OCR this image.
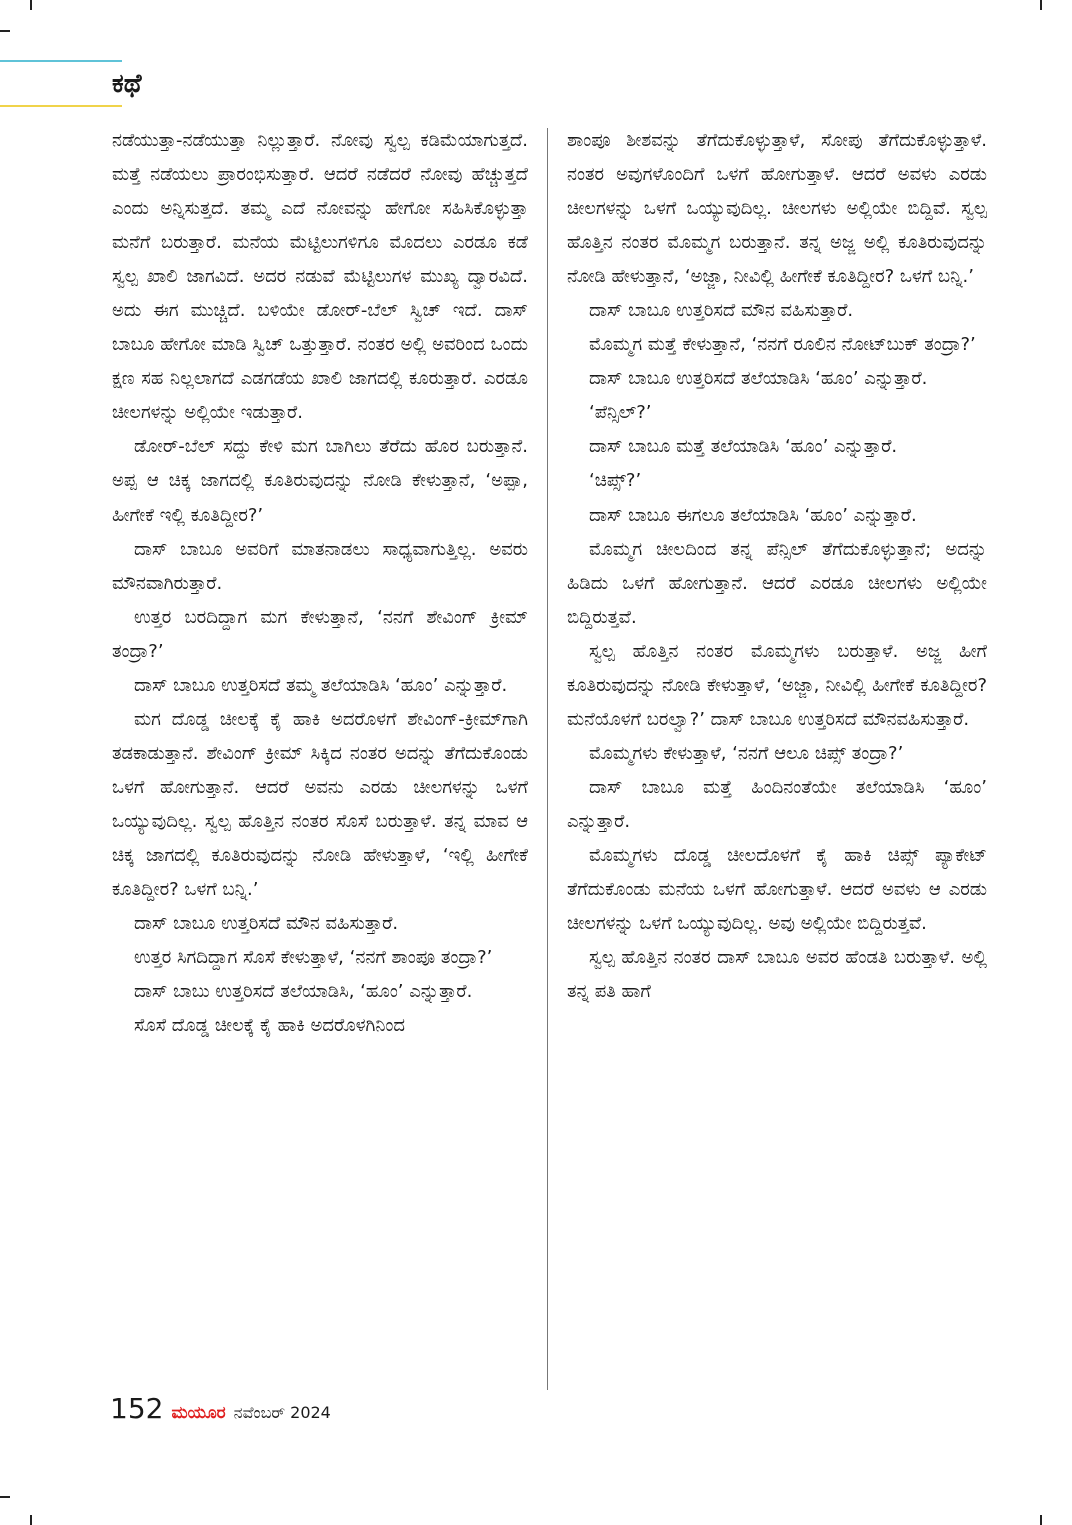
ಕಥೆ

ನಡೆಯುತ್ತಾ-ನಡೆಯುತ್ತಾ ನಿಲ್ಲುತ್ತಾರೆ. ನೋವು ಸ್ವಲ್ಪ ಕಡಿಮೆಯಾಗುತ್ತದೆ. ಮತ್ತೆ ನಡೆಯಲು ಪ್ರಾರಂಭಿಸುತ್ತಾರೆ. ಆದರೆ ನಡೆದರೆ ನೋವು ಹೆಚ್ಚುತ್ತದೆ ಎಂದು ಅನ್ನಿಸುತ್ತದೆ. ತಮ್ಮ ಎದೆ ನೋವನ್ನು ಹೇಗೋ ಸಹಿಸಿಕೊಳ್ಳುತ್ತಾ ಮನೆಗೆ ಬರುತ್ತಾರೆ. ಮನೆಯ ಮೆಟ್ಟಿಲುಗಳಿಗೂ ಮೊದಲು ಎರಡೂ ಕಡೆ ಸ್ವಲ್ಪ ಖಾಲಿ ಜಾಗವಿದೆ. ಅದರ ನಡುವೆ ಮೆಟ್ಟಿಲುಗಳ ಮುಖ್ಯ ದ್ವಾರವಿದೆ. ಅದು ಈಗ ಮುಚ್ಚಿದೆ. ಬಳಿಯೇ ಡೋರ್-ಬೆಲ್ ಸ್ವಿಚ್ ಇದೆ. ದಾಸ್ ಬಾಬೂ ಹೇಗೋ ಮಾಡಿ ಸ್ವಿಚ್ ಒತ್ತುತ್ತಾರೆ. ನಂತರ ಅಲ್ಲಿ ಅವರಿಂದ ಒಂದು ಕ್ಷಣ ಸಹ ನಿಲ್ಲಲಾಗದೆ ಎಡಗಡೆಯ ಖಾಲಿ ಜಾಗದಲ್ಲಿ ಕೂರುತ್ತಾರೆ. ಎರಡೂ ಚೀಲಗಳನ್ನು ಅಲ್ಲಿಯೇ ಇಡುತ್ತಾರೆ.

ಡೋರ್-ಬೆಲ್ ಸದ್ದು ಕೇಳಿ ಮಗ ಬಾಗಿಲು ತೆರೆದು ಹೊರ ಬರುತ್ತಾನೆ. ಅಪ್ಪ ಆ ಚಿಕ್ಕ ಜಾಗದಲ್ಲಿ ಕೂತಿರುವುದನ್ನು ನೋಡಿ ಕೇಳುತ್ತಾನೆ, ‘ಅಪ್ಪಾ, ಹೀಗೇಕೆ ಇಲ್ಲಿ ಕೂತಿದ್ದೀರ?’

ದಾಸ್ ಬಾಬೂ ಅವರಿಗೆ ಮಾತನಾಡಲು ಸಾಧ್ಯವಾಗುತ್ತಿಲ್ಲ. ಅವರು ಮೌನವಾಗಿರುತ್ತಾರೆ.

ಉತ್ತರ ಬರದಿದ್ದಾಗ ಮಗ ಕೇಳುತ್ತಾನೆ, ‘ನನಗೆ ಶೇವಿಂಗ್ ಕ್ರೀಮ್ ತಂದ್ರಾ?’

ದಾಸ್ ಬಾಬೂ ಉತ್ತರಿಸದೆ ತಮ್ಮ ತಲೆಯಾಡಿಸಿ ‘ಹೂಂ’ ಎನ್ನುತ್ತಾರೆ.

ಮಗ ದೊಡ್ಡ ಚೀಲಕ್ಕೆ ಕೈ ಹಾಕಿ ಅದರೊಳಗೆ ಶೇವಿಂಗ್-ಕ್ರೀಮ್‌ಗಾಗಿ ತಡಕಾಡುತ್ತಾನೆ. ಶೇವಿಂಗ್ ಕ್ರೀಮ್ ಸಿಕ್ಕಿದ ನಂತರ ಅದನ್ನು ತೆಗೆದುಕೊಂಡು ಒಳಗೆ ಹೋಗುತ್ತಾನೆ. ಆದರೆ ಅವನು ಎರಡು ಚೀಲಗಳನ್ನು ಒಳಗೆ ಒಯ್ಯುವುದಿಲ್ಲ. ಸ್ವಲ್ಪ ಹೊತ್ತಿನ ನಂತರ ಸೊಸೆ ಬರುತ್ತಾಳೆ. ತನ್ನ ಮಾವ ಆ ಚಿಕ್ಕ ಜಾಗದಲ್ಲಿ ಕೂತಿರುವುದನ್ನು ನೋಡಿ ಹೇಳುತ್ತಾಳೆ, ‘ಇಲ್ಲಿ ಹೀಗೇಕೆ ಕೂತಿದ್ದೀರ? ಒಳಗೆ ಬನ್ನಿ.’

ದಾಸ್ ಬಾಬೂ ಉತ್ತರಿಸದೆ ಮೌನ ವಹಿಸುತ್ತಾರೆ.

ಉತ್ತರ ಸಿಗದಿದ್ದಾಗ ಸೊಸೆ ಕೇಳುತ್ತಾಳೆ, ‘ನನಗೆ ಶಾಂಪೂ ತಂದ್ರಾ?’

ದಾಸ್ ಬಾಬು ಉತ್ತರಿಸದೆ ತಲೆಯಾಡಿಸಿ, ‘ಹೂಂ’ ಎನ್ನುತ್ತಾರೆ.

ಸೊಸೆ ದೊಡ್ಡ ಚೀಲಕ್ಕೆ ಕೈ ಹಾಕಿ ಅದರೊಳಗಿನಿಂದ

ಶಾಂಪೂ ಶೀಶವನ್ನು ತೆಗೆದುಕೊಳ್ಳುತ್ತಾಳೆ, ಸೋಪು ತೆಗೆದುಕೊಳ್ಳುತ್ತಾಳೆ. ನಂತರ ಅವುಗಳೊಂದಿಗೆ ಒಳಗೆ ಹೋಗುತ್ತಾಳೆ. ಆದರೆ ಅವಳು ಎರಡು ಚೀಲಗಳನ್ನು ಒಳಗೆ ಒಯ್ಯುವುದಿಲ್ಲ. ಚೀಲಗಳು ಅಲ್ಲಿಯೇ ಬಿದ್ದಿವೆ. ಸ್ವಲ್ಪ ಹೊತ್ತಿನ ನಂತರ ಮೊಮ್ಮಗ ಬರುತ್ತಾನೆ. ತನ್ನ ಅಜ್ಜ ಅಲ್ಲಿ ಕೂತಿರುವುದನ್ನು ನೋಡಿ ಹೇಳುತ್ತಾನೆ, ‘ಅಜ್ಜಾ, ನೀವಿಲ್ಲಿ ಹೀಗೇಕೆ ಕೂತಿದ್ದೀರ? ಒಳಗೆ ಬನ್ನಿ.’

ದಾಸ್ ಬಾಬೂ ಉತ್ತರಿಸದೆ ಮೌನ ವಹಿಸುತ್ತಾರೆ.

ಮೊಮ್ಮಗ ಮತ್ತೆ ಕೇಳುತ್ತಾನೆ, ‘ನನಗೆ ರೂಲಿನ ನೋಟ್‌ಬುಕ್ ತಂದ್ರಾ?’

ದಾಸ್ ಬಾಬೂ ಉತ್ತರಿಸದೆ ತಲೆಯಾಡಿಸಿ ‘ಹೂಂ’ ಎನ್ನುತ್ತಾರೆ.

‘ಪೆನ್ಸಿಲ್?’

ದಾಸ್ ಬಾಬೂ ಮತ್ತೆ ತಲೆಯಾಡಿಸಿ ‘ಹೂಂ’ ಎನ್ನುತ್ತಾರೆ.

‘ಚಿಪ್ಸ್?’

ದಾಸ್ ಬಾಬೂ ಈಗಲೂ ತಲೆಯಾಡಿಸಿ ‘ಹೂಂ’ ಎನ್ನುತ್ತಾರೆ.

ಮೊಮ್ಮಗ ಚೀಲದಿಂದ ತನ್ನ ಪೆನ್ಸಿಲ್ ತೆಗೆದುಕೊಳ್ಳುತ್ತಾನೆ; ಅದನ್ನು ಹಿಡಿದು ಒಳಗೆ ಹೋಗುತ್ತಾನೆ. ಆದರೆ ಎರಡೂ ಚೀಲಗಳು ಅಲ್ಲಿಯೇ ಬಿದ್ದಿರುತ್ತವೆ.

ಸ್ವಲ್ಪ ಹೊತ್ತಿನ ನಂತರ ಮೊಮ್ಮಗಳು ಬರುತ್ತಾಳೆ. ಅಜ್ಜ ಹೀಗೆ ಕೂತಿರುವುದನ್ನು ನೋಡಿ ಕೇಳುತ್ತಾಳೆ, ‘ಅಜ್ಜಾ, ನೀವಿಲ್ಲಿ ಹೀಗೇಕೆ ಕೂತಿದ್ದೀರ? ಮನೆಯೊಳಗೆ ಬರಲ್ವಾ?’ ದಾಸ್ ಬಾಬೂ ಉತ್ತರಿಸದೆ ಮೌನವಹಿಸುತ್ತಾರೆ.

ಮೊಮ್ಮಗಳು ಕೇಳುತ್ತಾಳೆ, ‘ನನಗೆ ಆಲೂ ಚಿಪ್ಸ್ ತಂದ್ರಾ?’

ದಾಸ್ ಬಾಬೂ ಮತ್ತೆ ಹಿಂದಿನಂತೆಯೇ ತಲೆಯಾಡಿಸಿ ‘ಹೂಂ’ ಎನ್ನುತ್ತಾರೆ.

ಮೊಮ್ಮಗಳು ದೊಡ್ಡ ಚೀಲದೊಳಗೆ ಕೈ ಹಾಕಿ ಚಿಪ್ಸ್ ಪ್ಯಾಕೇಟ್ ತೆಗೆದುಕೊಂಡು ಮನೆಯ ಒಳಗೆ ಹೋಗುತ್ತಾಳೆ. ಆದರೆ ಅವಳು ಆ ಎರಡು ಚೀಲಗಳನ್ನು ಒಳಗೆ ಒಯ್ಯುವುದಿಲ್ಲ. ಅವು ಅಲ್ಲಿಯೇ ಬಿದ್ದಿರುತ್ತವೆ.

ಸ್ವಲ್ಪ ಹೊತ್ತಿನ ನಂತರ ದಾಸ್ ಬಾಬೂ ಅವರ ಹೆಂಡತಿ ಬರುತ್ತಾಳೆ. ಅಲ್ಲಿ ತನ್ನ ಪತಿ ಹಾಗೆ

152 ಮಯೂರ ನವೆಂಬರ್ 2024
